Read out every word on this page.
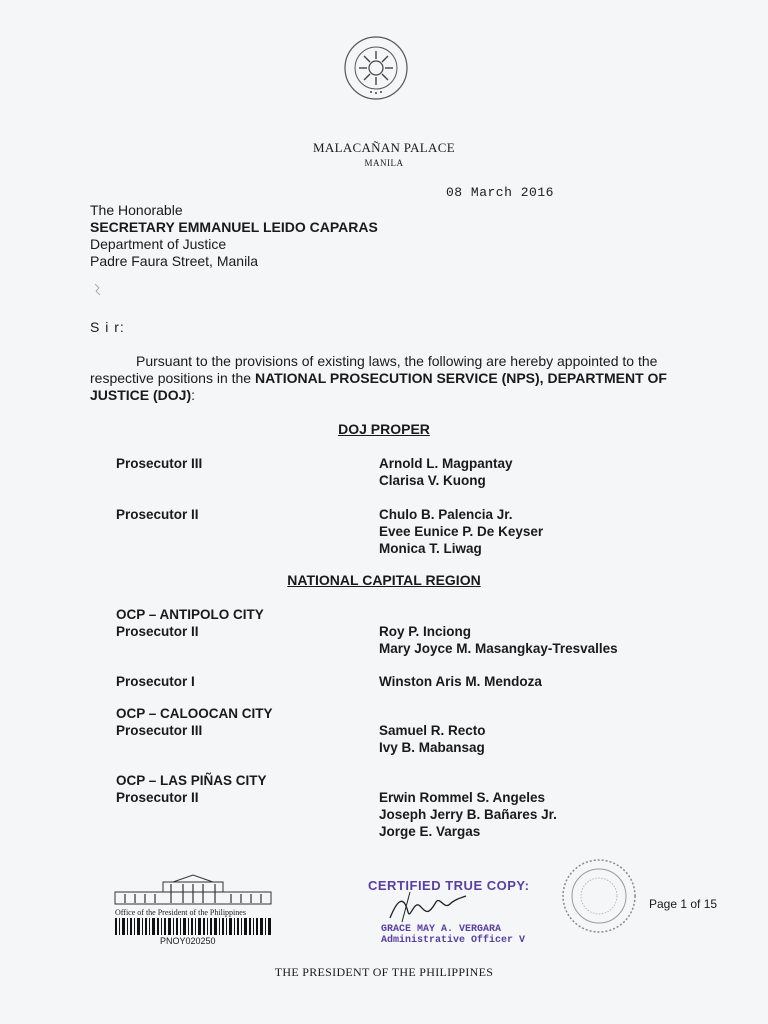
MALACAÑAN PALACE
MANILA
08 March 2016
The Honorable
SECRETARY EMMANUEL LEIDO CAPARAS
Department of Justice
Padre Faura Street, Manila
S i r:
Pursuant to the provisions of existing laws, the following are hereby appointed to the respective positions in the NATIONAL PROSECUTION SERVICE (NPS), DEPARTMENT OF JUSTICE (DOJ):
DOJ PROPER
Prosecutor III	Arnold L. Magpantay
Clarisa V. Kuong
Prosecutor II	Chulo B. Palencia Jr.
Evee Eunice P. De Keyser
Monica T. Liwag
NATIONAL CAPITAL REGION
OCP – ANTIPOLO CITY
Prosecutor II	Roy P. Inciong
Mary Joyce M. Masangkay-Tresvalles
Prosecutor I	Winston Aris M. Mendoza
OCP – CALOOCAN CITY
Prosecutor III	Samuel R. Recto
Ivy B. Mabansag
OCP – LAS PIÑAS CITY
Prosecutor II	Erwin Rommel S. Angeles
Joseph Jerry B. Bañares Jr.
Jorge E. Vargas
Office of the President of the Philippines
PNOY020250
CERTIFIED TRUE COPY:
GRACE MAY A. VERGARA
Administrative Officer V
Page 1 of 15
THE PRESIDENT OF THE PHILIPPINES
